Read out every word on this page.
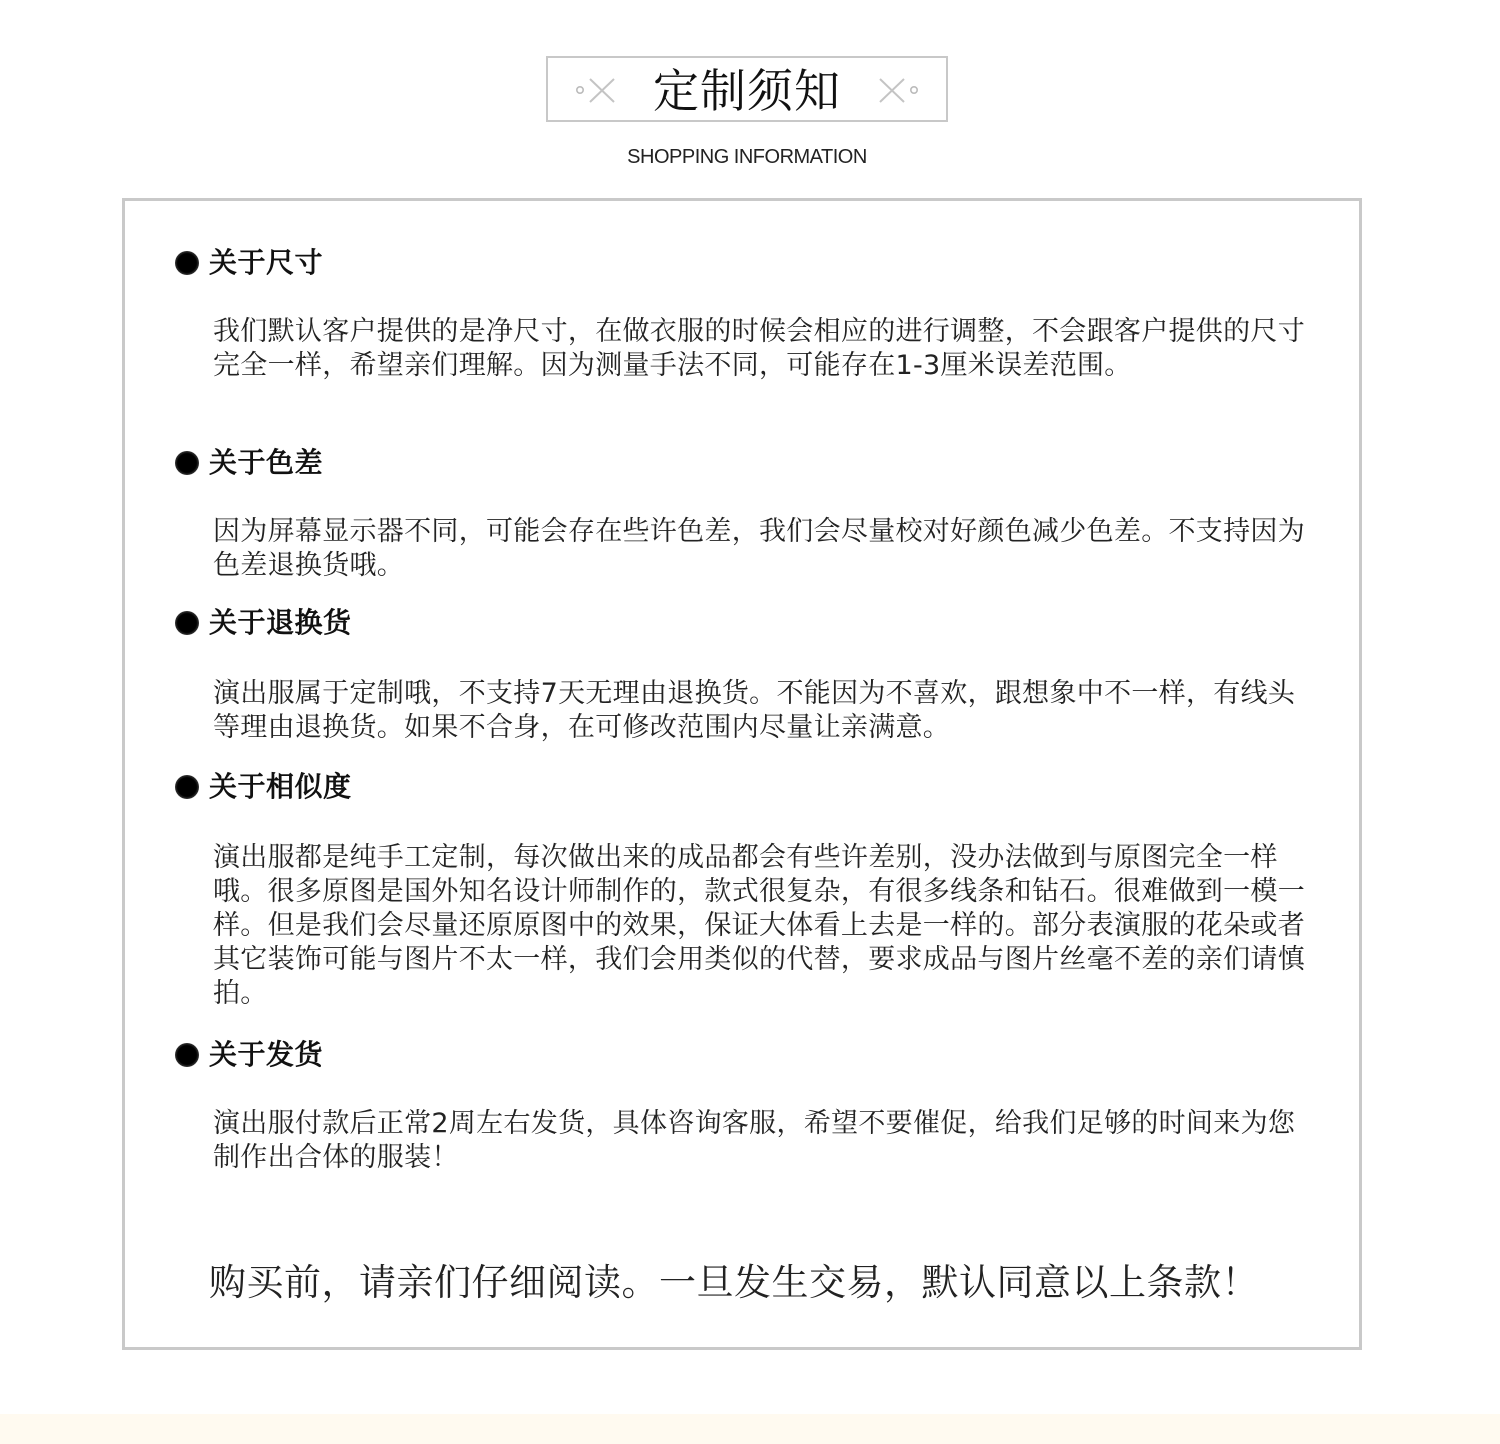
定制须知
SHOPPING INFORMATION
关于尺寸
我们默认客户提供的是净尺寸，在做衣服的时候会相应的进行调整，不会跟客户提供的尺寸完全一样，希望亲们理解。因为测量手法不同，可能存在1-3厘米误差范围。
关于色差
因为屏幕显示器不同，可能会存在些许色差，我们会尽量校对好颜色减少色差。不支持因为色差退换货哦。
关于退换货
演出服属于定制哦，不支持7天无理由退换货。不能因为不喜欢，跟想象中不一样，有线头等理由退换货。如果不合身，在可修改范围内尽量让亲满意。
关于相似度
演出服都是纯手工定制，每次做出来的成品都会有些许差别，没办法做到与原图完全一样哦。很多原图是国外知名设计师制作的，款式很复杂，有很多线条和钻石。很难做到一模一样。但是我们会尽量还原原图中的效果，保证大体看上去是一样的。部分表演服的花朵或者其它装饰可能与图片不太一样，我们会用类似的代替，要求成品与图片丝毫不差的亲们请慎拍。
关于发货
演出服付款后正常2周左右发货，具体咨询客服，希望不要催促，给我们足够的时间来为您制作出合体的服装！
购买前，请亲们仔细阅读。一旦发生交易，默认同意以上条款！
